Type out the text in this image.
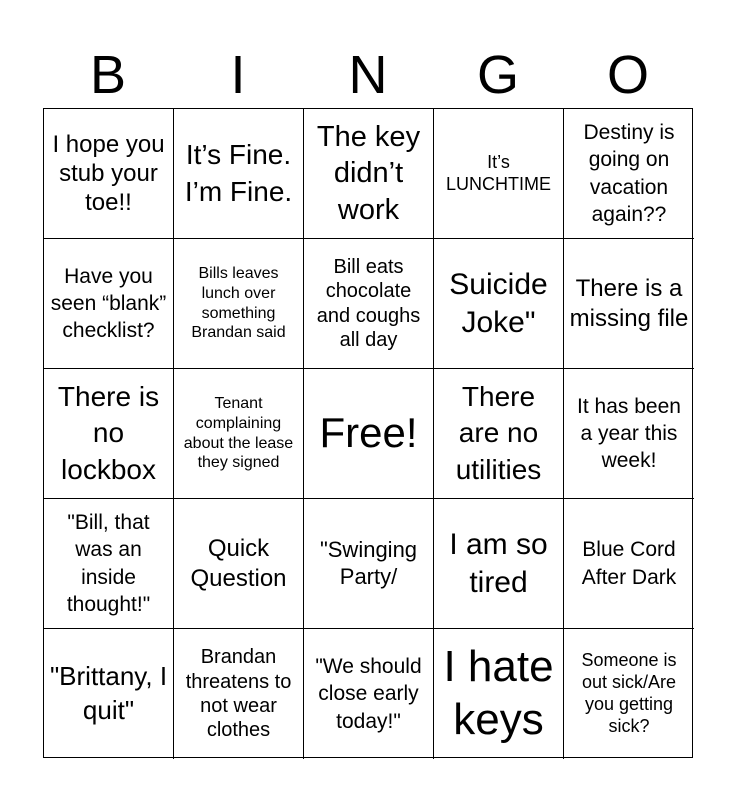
B	I	N	G	O
I hope you stub your toe!!
It’s Fine. I’m Fine.
The key didn’t work
It’s LUNCHTIME
Destiny is going on vacation again??
Have you seen “blank” checklist?
Bills leaves lunch over something Brandan said
Bill eats chocolate and coughs all day
Suicide Joke"
There is a missing file
There is no lockbox
Tenant complaining about the lease they signed
Free!
There are no utilities
It has been a year this week!
"Bill, that was an inside thought!"
Quick Question
"Swinging Party/
I am so tired
Blue Cord After Dark
"Brittany, I quit"
Brandan threatens to not wear clothes
"We should close early today!"
I hate keys
Someone is out sick/Are you getting sick?
